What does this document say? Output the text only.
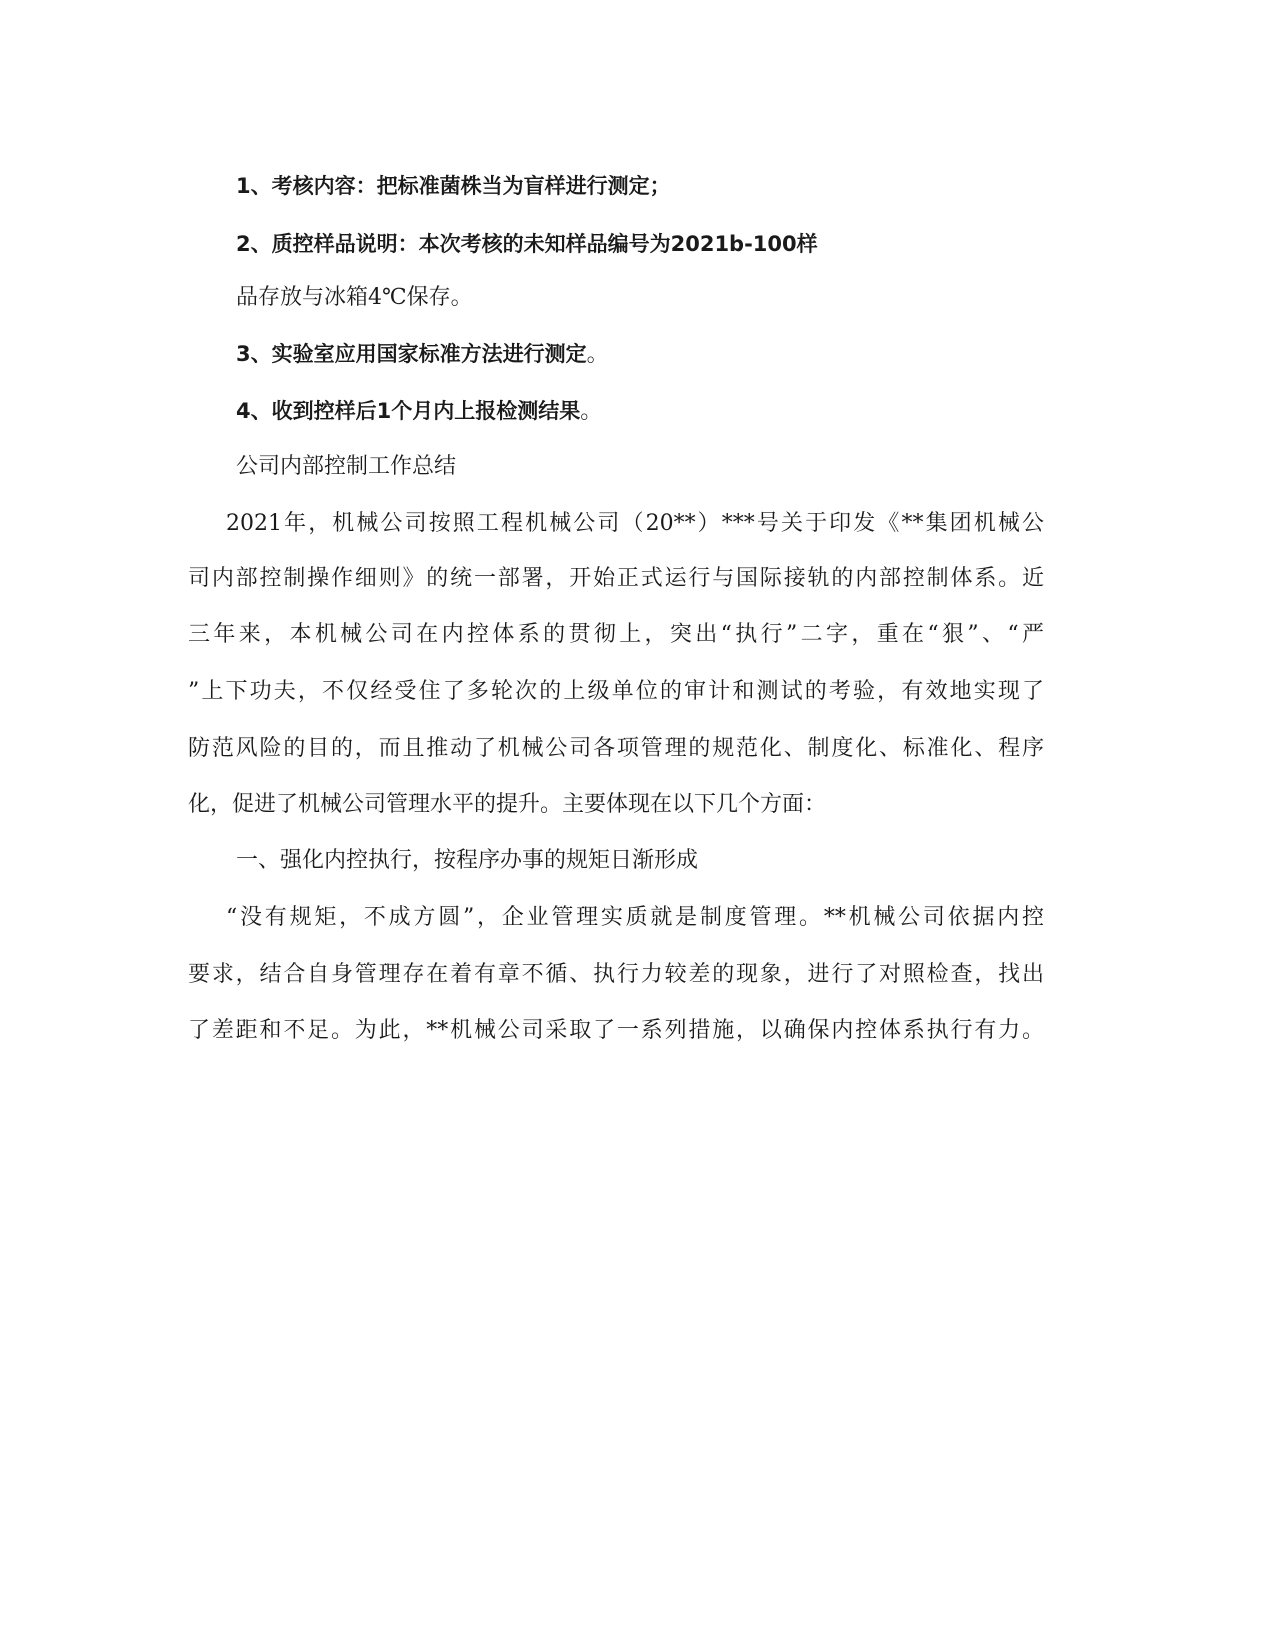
1、考核内容：把标准菌株当为盲样进行测定；
2、质控样品说明：本次考核的未知样品编号为2021b-100样
品存放与冰箱4℃保存。
3、实验室应用国家标准方法进行测定。
4、收到控样后1个月内上报检测结果。
公司内部控制工作总结
2021年，机械公司按照工程机械公司（20**）***号关于印发《**集团机械公
司内部控制操作细则》的统一部署，开始正式运行与国际接轨的内部控制体系。近
三年来，本机械公司在内控体系的贯彻上，突出“执行”二字，重在“狠”、“严
”上下功夫，不仅经受住了多轮次的上级单位的审计和测试的考验，有效地实现了
防范风险的目的，而且推动了机械公司各项管理的规范化、制度化、标准化、程序
化，促进了机械公司管理水平的提升。主要体现在以下几个方面：
一、强化内控执行，按程序办事的规矩日渐形成
“没有规矩，不成方圆”，企业管理实质就是制度管理。**机械公司依据内控
要求，结合自身管理存在着有章不循、执行力较差的现象，进行了对照检查，找出
了差距和不足。为此，**机械公司采取了一系列措施，以确保内控体系执行有力。
